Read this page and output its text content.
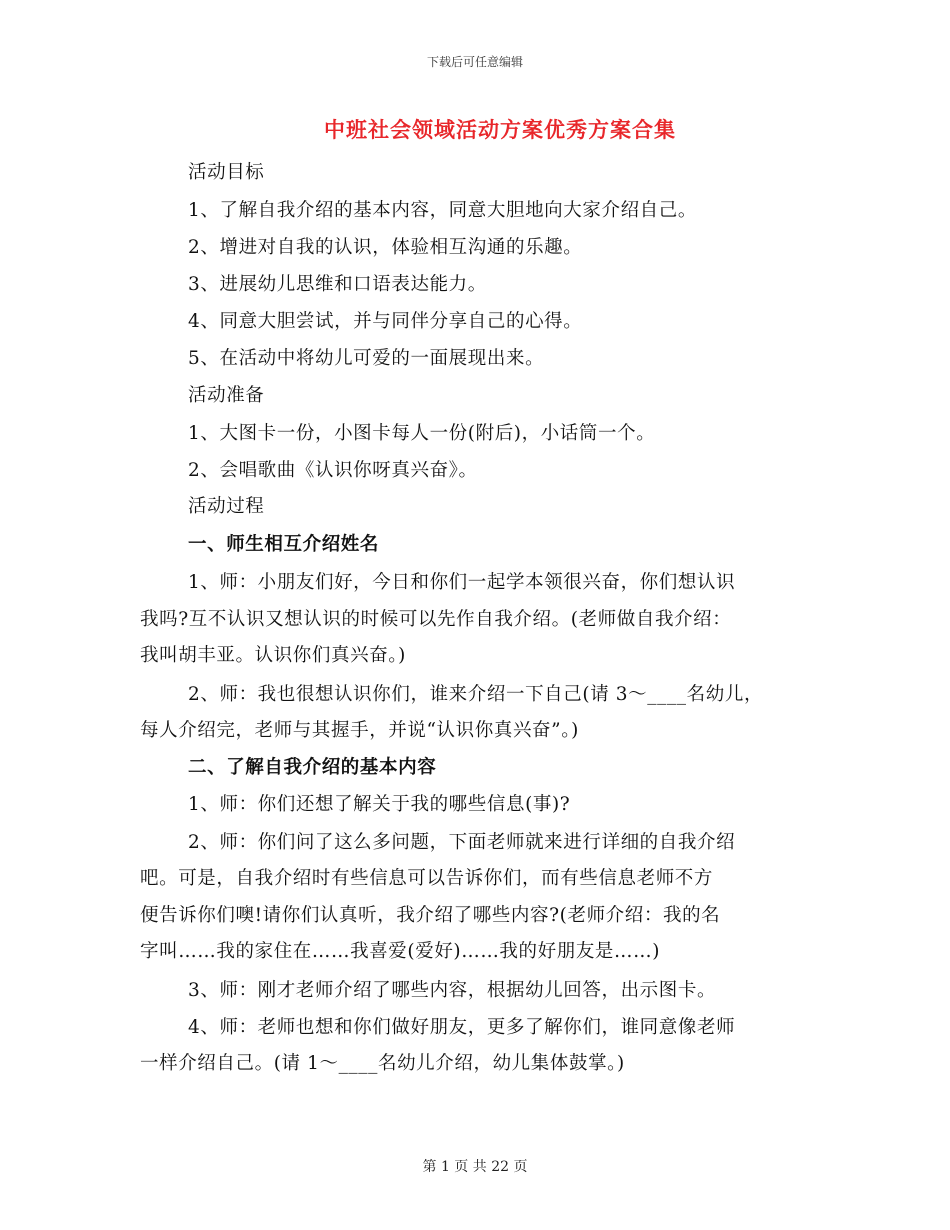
下载后可任意编辑
中班社会领域活动方案优秀方案合集
活动目标
1、了解自我介绍的基本内容，同意大胆地向大家介绍自己。
2、增进对自我的认识，体验相互沟通的乐趣。
3、进展幼儿思维和口语表达能力。
4、同意大胆尝试，并与同伴分享自己的心得。
5、在活动中将幼儿可爱的一面展现出来。
活动准备
1、大图卡一份，小图卡每人一份(附后)，小话筒一个。
2、会唱歌曲《认识你呀真兴奋》。
活动过程
一、师生相互介绍姓名
1、师：小朋友们好，今日和你们一起学本领很兴奋，你们想认识
我吗?互不认识又想认识的时候可以先作自我介绍。(老师做自我介绍：
我叫胡丰亚。认识你们真兴奋。)
2、师：我也很想认识你们，谁来介绍一下自己(请 3～____名幼儿，
每人介绍完，老师与其握手，并说“认识你真兴奋”。)
二、了解自我介绍的基本内容
1、师：你们还想了解关于我的哪些信息(事)?
2、师：你们问了这么多问题，下面老师就来进行详细的自我介绍
吧。可是，自我介绍时有些信息可以告诉你们，而有些信息老师不方
便告诉你们噢!请你们认真听，我介绍了哪些内容?(老师介绍：我的名
字叫……我的家住在……我喜爱(爱好)……我的好朋友是……)
3、师：刚才老师介绍了哪些内容，根据幼儿回答，出示图卡。
4、师：老师也想和你们做好朋友，更多了解你们，谁同意像老师
一样介绍自己。(请 1～____名幼儿介绍，幼儿集体鼓掌。)
第 1 页 共 22 页
